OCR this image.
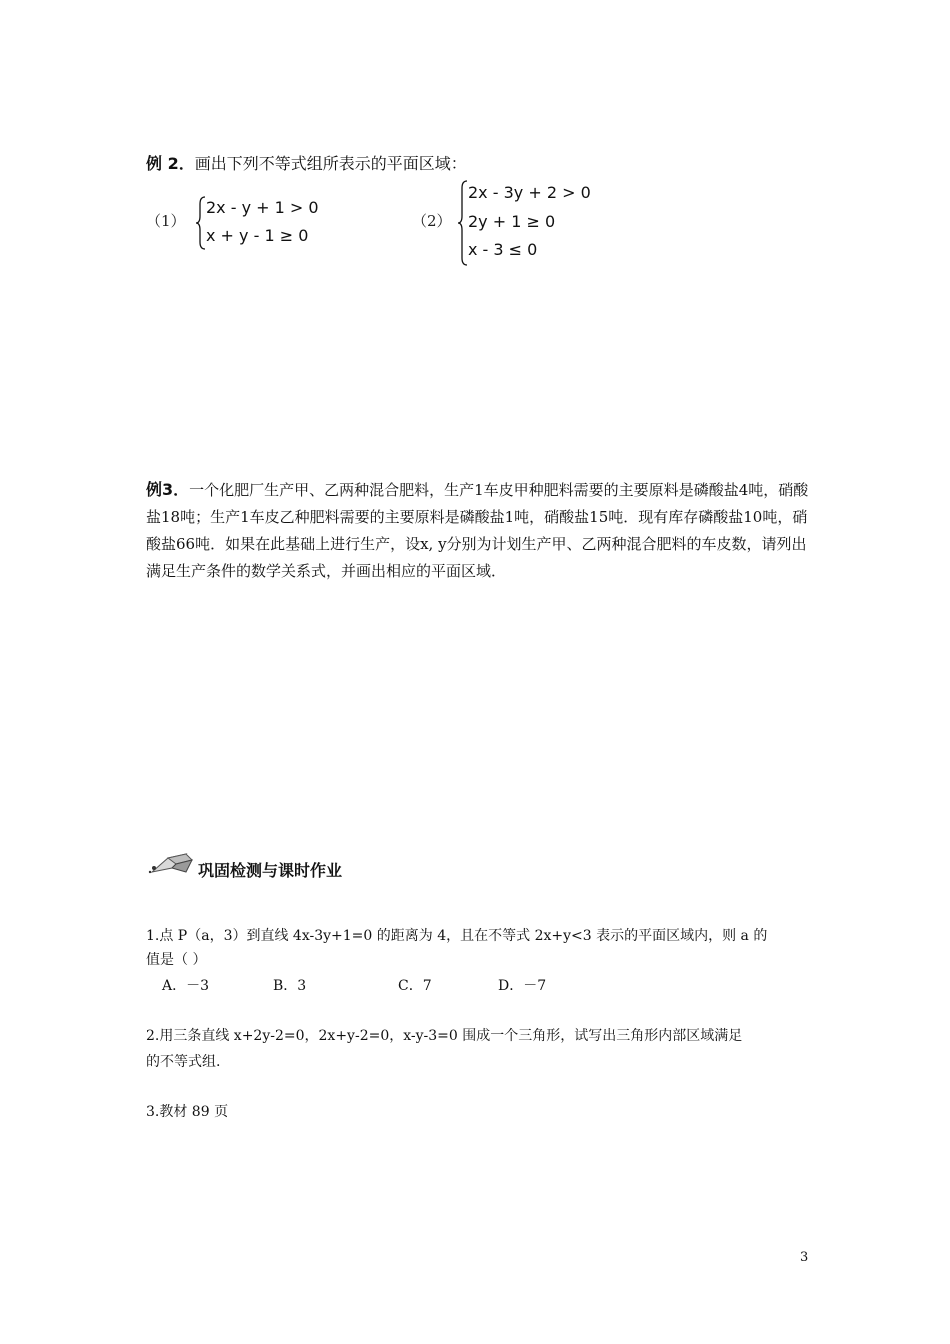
例 2．画出下列不等式组所表示的平面区域：
（1）
2x - y + 1 > 0
x + y - 1 ≥ 0
（2）
2x - 3y + 2 > 0
2y + 1 ≥ 0
x - 3 ≤ 0
例3．一个化肥厂生产甲、乙两种混合肥料，生产1车皮甲种肥料需要的主要原料是磷酸盐4吨，硝酸盐18吨；生产1车皮乙种肥料需要的主要原料是磷酸盐1吨，硝酸盐15吨．现有库存磷酸盐10吨，硝酸盐66吨．如果在此基础上进行生产，设x, y分别为计划生产甲、乙两种混合肥料的车皮数，请列出满足生产条件的数学关系式，并画出相应的平面区域．
巩固检测与课时作业
1.点 P（a，3）到直线 4x-3y+1=0 的距离为 4，且在不等式 2x+y<3 表示的平面区域内，则 a 的
值是（ ）
A．－3	B．3	C．7	D．－7
2.用三条直线 x+2y-2=0，2x+y-2=0，x-y-3=0 围成一个三角形，试写出三角形内部区域满足
的不等式组.
3.教材 89 页
3
